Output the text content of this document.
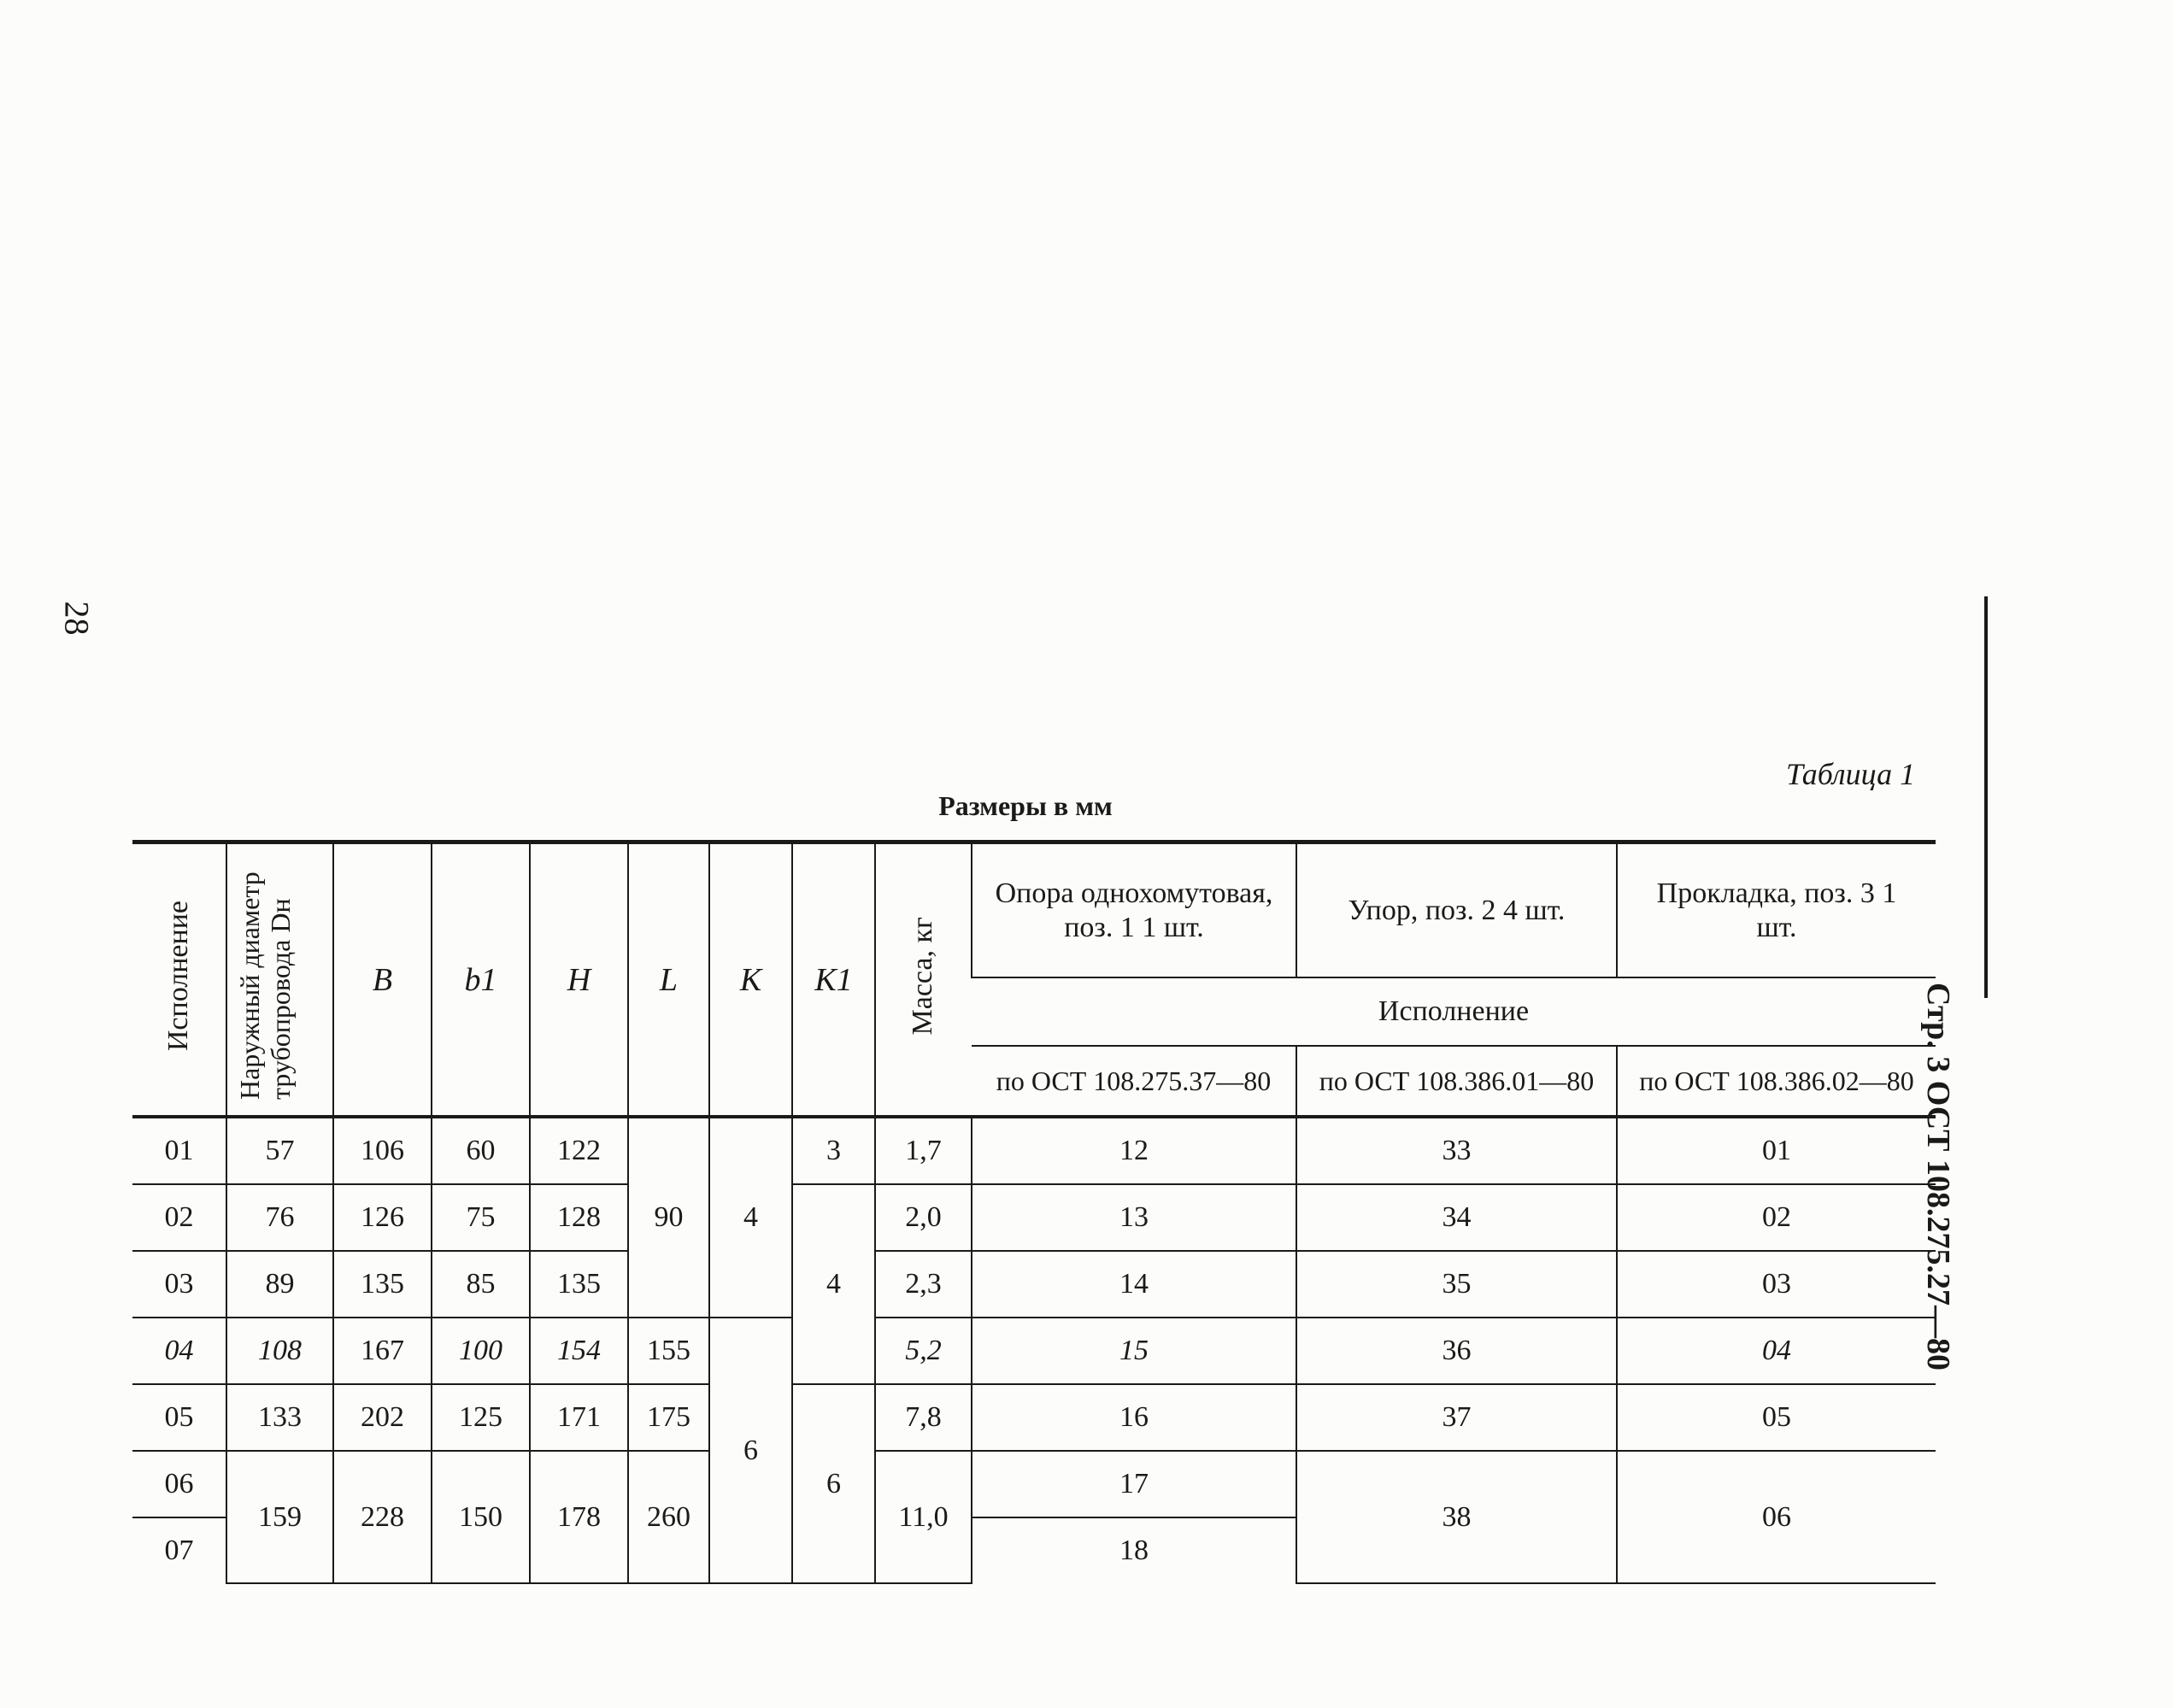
28
Стр. 3 ОСТ 108.275.27—80
Таблица 1
Размеры в мм
Исполнение	Наружный диаметр трубопровода Dн	B	b1	H	L	K	K1	Масса, кг	Опора однохомутовая, поз. 1 1 шт.	Упор, поз. 2 4 шт.	Прокладка, поз. 3 1 шт.
									Исполнение		
									по ОСТ 108.275.37—80	по ОСТ 108.386.01—80	по ОСТ 108.386.02—80
01	57	106	60	122	90	4	3	1,7	12	33	01
02	76	126	75	128			4	2,0	13	34	02
03	89	135	85	135				2,3	14	35	03
04	108	167	100	154	155	6		5,2	15	36	04
05	133	202	125	171	175		6	7,8	16	37	05
06	159	228	150	178	260			11,0	17	38	06
07									18		
